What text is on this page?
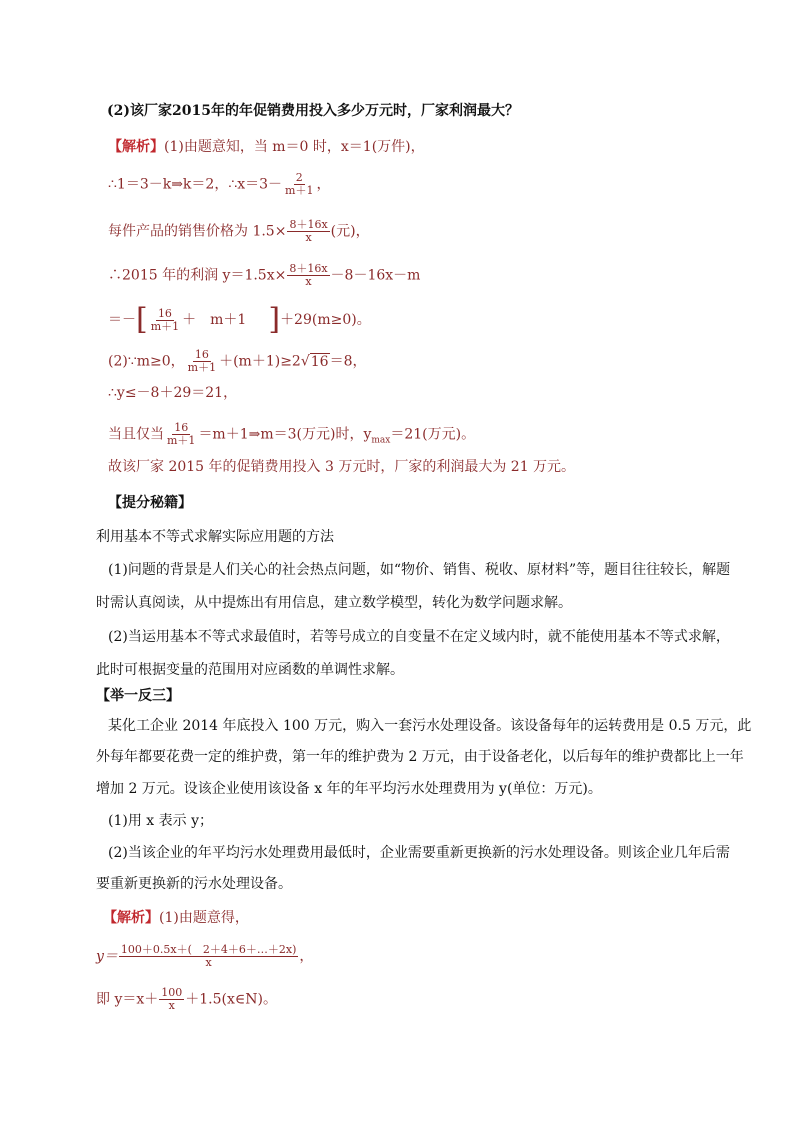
(2)该厂家2015年的年促销费用投入多少万元时，厂家利润最大？
【解析】(1)由题意知，当 m＝0 时，x＝1(万件)，
∴1＝3－k⇒k＝2，∴x＝3－ $\frac{2}{m+1}$ ，
每件产品的销售价格为 $1.5\times \frac{8+16x}{x}$ (元)，
∴2015 年的利润 $y=1.5x\times \frac{8+16x}{x} -8-16x-m$
＝－[ $\frac{16}{m+1}$ ＋　m＋1 ]＋29(m≥0)。
(2)∵m≥0， $\frac{16}{m+1} +(m+1)\ge 2√16=8$，
∴y≤－8＋29＝21，
当且仅当 $\frac{16}{m+1}$ ＝m＋1⇒m＝3(万元)时，$y_{max}=21$(万元)。
故该厂家 2015 年的促销费用投入 3 万元时，厂家的利润最大为 21 万元。
【提分秘籍】
利用基本不等式求解实际应用题的方法
(1)问题的背景是人们关心的社会热点问题，如“物价、销售、税收、原材料”等，题目往往较长，解题
时需认真阅读，从中提炼出有用信息，建立数学模型，转化为数学问题求解。
(2)当运用基本不等式求最值时，若等号成立的自变量不在定义域内时，就不能使用基本不等式求解，
此时可根据变量的范围用对应函数的单调性求解。
【举一反三】
某化工企业 2014 年底投入 100 万元，购入一套污水处理设备。该设备每年的运转费用是 0.5 万元，此
外每年都要花费一定的维护费，第一年的维护费为 2 万元，由于设备老化，以后每年的维护费都比上一年
增加 2 万元。设该企业使用该设备 x 年的年平均污水处理费用为 y(单位：万元)。
(1)用 x 表示 y；
(2)当该企业的年平均污水处理费用最低时，企业需要重新更换新的污水处理设备。则该企业几年后需
要重新更换新的污水处理设备。
【解析】(1)由题意得，
$y= \frac{100+0.5x+( 2+4+6+\dots+2x)}{x}$ ，
即 $y=x+ \frac{100}{x}$ ＋1.5(x∈N)。
